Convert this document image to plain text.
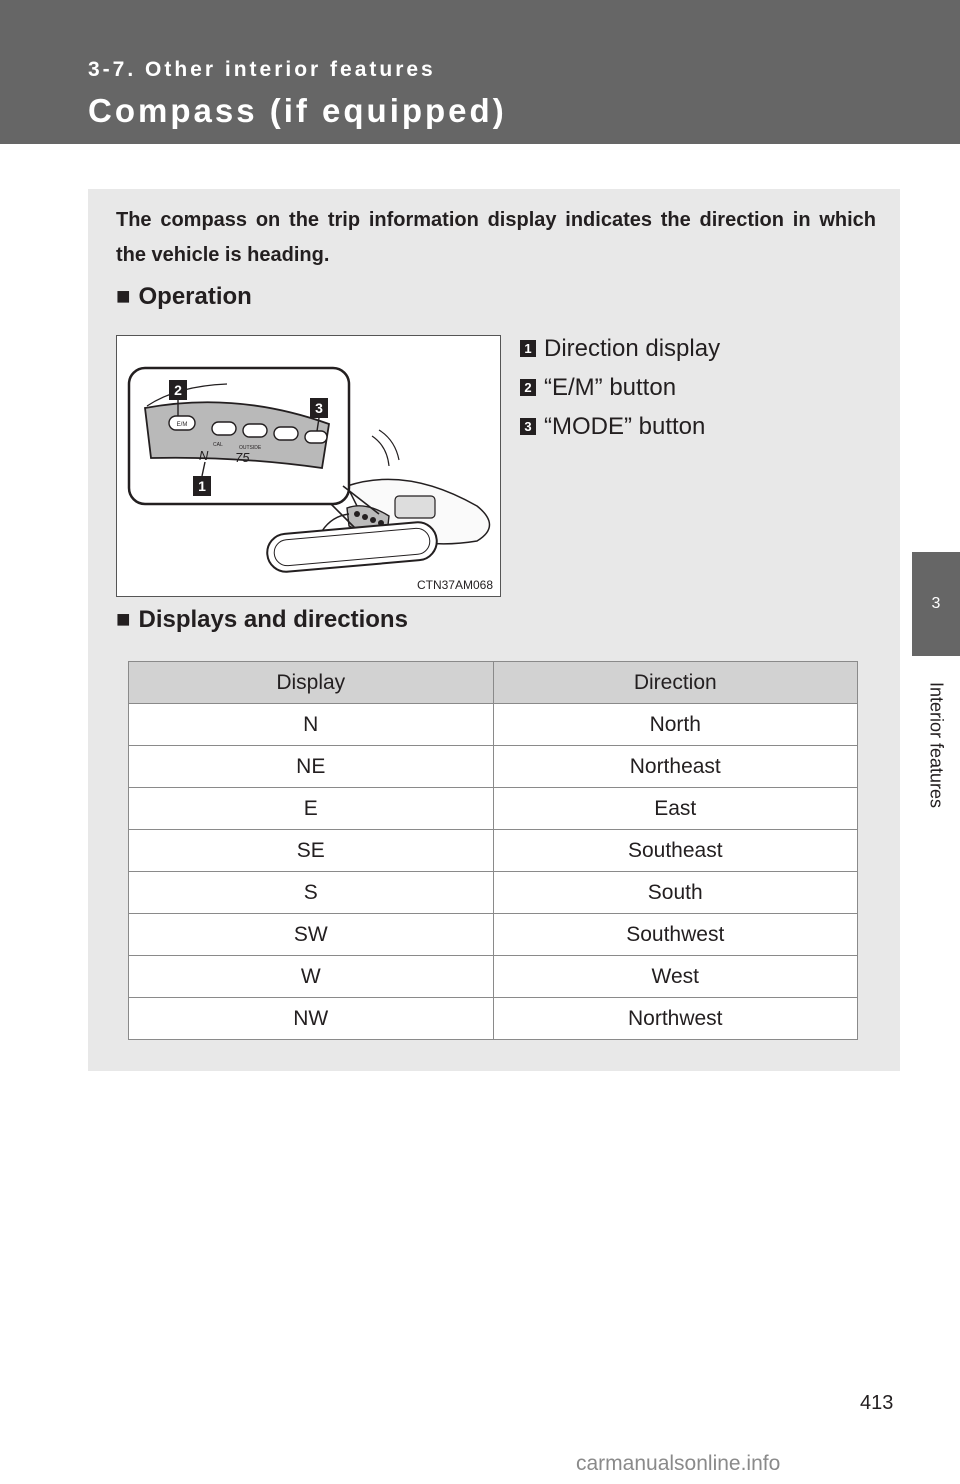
3-7. Other interior features
Compass (if equipped)
3
Interior features
The compass on the trip information display indicates the direction in which the vehicle is heading.
■ Operation
E/M
CAL	OUTSIDE
N 75
2
3
1
CTN37AM068
1 Direction display
2 “E/M” button
3 “MODE” button
■ Displays and directions
Display	Direction
N	North
NE	Northeast
E	East
SE	Southeast
S	South
SW	Southwest
W	West
NW	Northwest
413
carmanualsonline.info
